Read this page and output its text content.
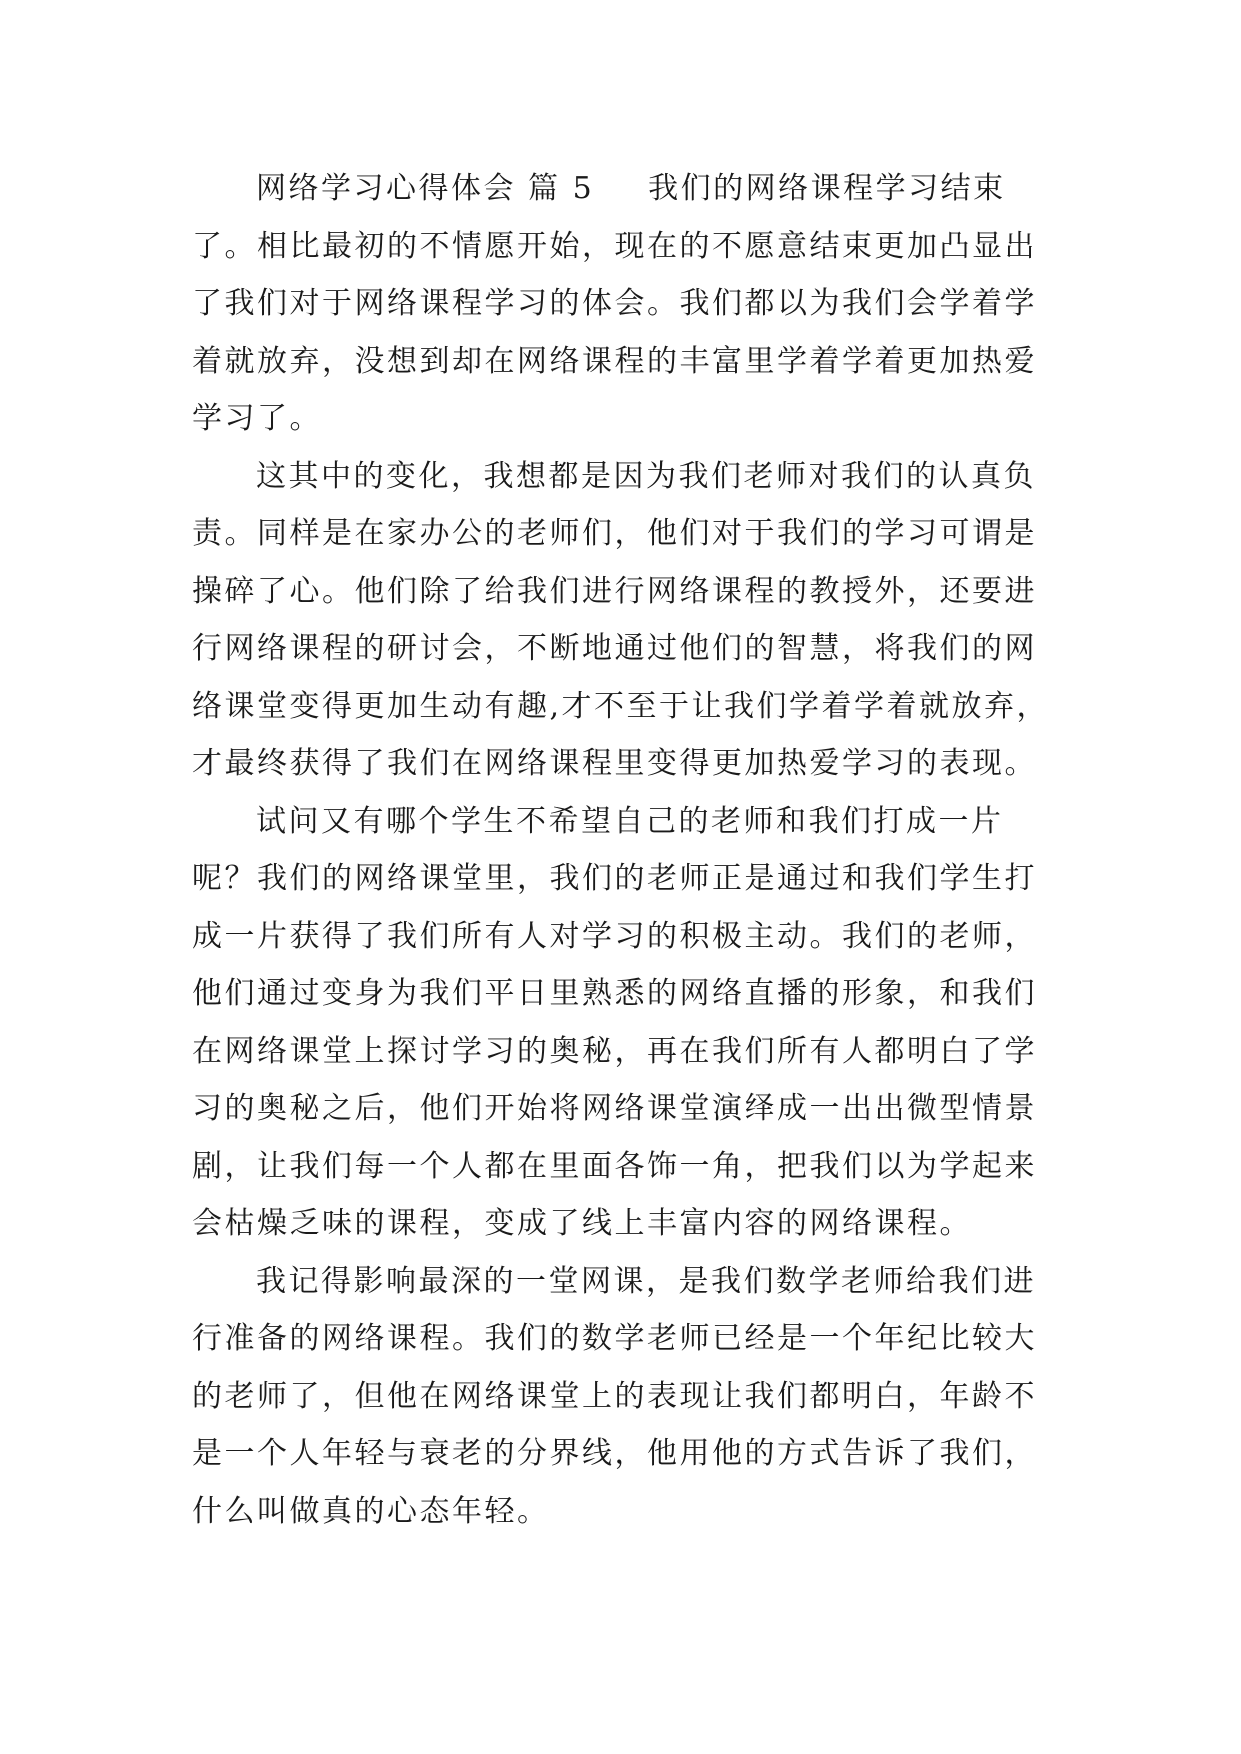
网络学习心得体会 篇 5 我们的网络课程学习结束
了。相比最初的不情愿开始，现在的不愿意结束更加凸显出
了我们对于网络课程学习的体会。我们都以为我们会学着学
着就放弃，没想到却在网络课程的丰富里学着学着更加热爱
学习了。
这其中的变化，我想都是因为我们老师对我们的认真负
责。同样是在家办公的老师们，他们对于我们的学习可谓是
操碎了心。他们除了给我们进行网络课程的教授外，还要进
行网络课程的研讨会，不断地通过他们的智慧，将我们的网
络课堂变得更加生动有趣,才不至于让我们学着学着就放弃，
才最终获得了我们在网络课程里变得更加热爱学习的表现。
试问又有哪个学生不希望自己的老师和我们打成一片
呢？我们的网络课堂里，我们的老师正是通过和我们学生打
成一片获得了我们所有人对学习的积极主动。我们的老师，
他们通过变身为我们平日里熟悉的网络直播的形象，和我们
在网络课堂上探讨学习的奥秘，再在我们所有人都明白了学
习的奥秘之后，他们开始将网络课堂演绎成一出出微型情景
剧，让我们每一个人都在里面各饰一角，把我们以为学起来
会枯燥乏味的课程，变成了线上丰富内容的网络课程。
我记得影响最深的一堂网课，是我们数学老师给我们进
行准备的网络课程。我们的数学老师已经是一个年纪比较大
的老师了，但他在网络课堂上的表现让我们都明白，年龄不
是一个人年轻与衰老的分界线，他用他的方式告诉了我们，
什么叫做真的心态年轻。
